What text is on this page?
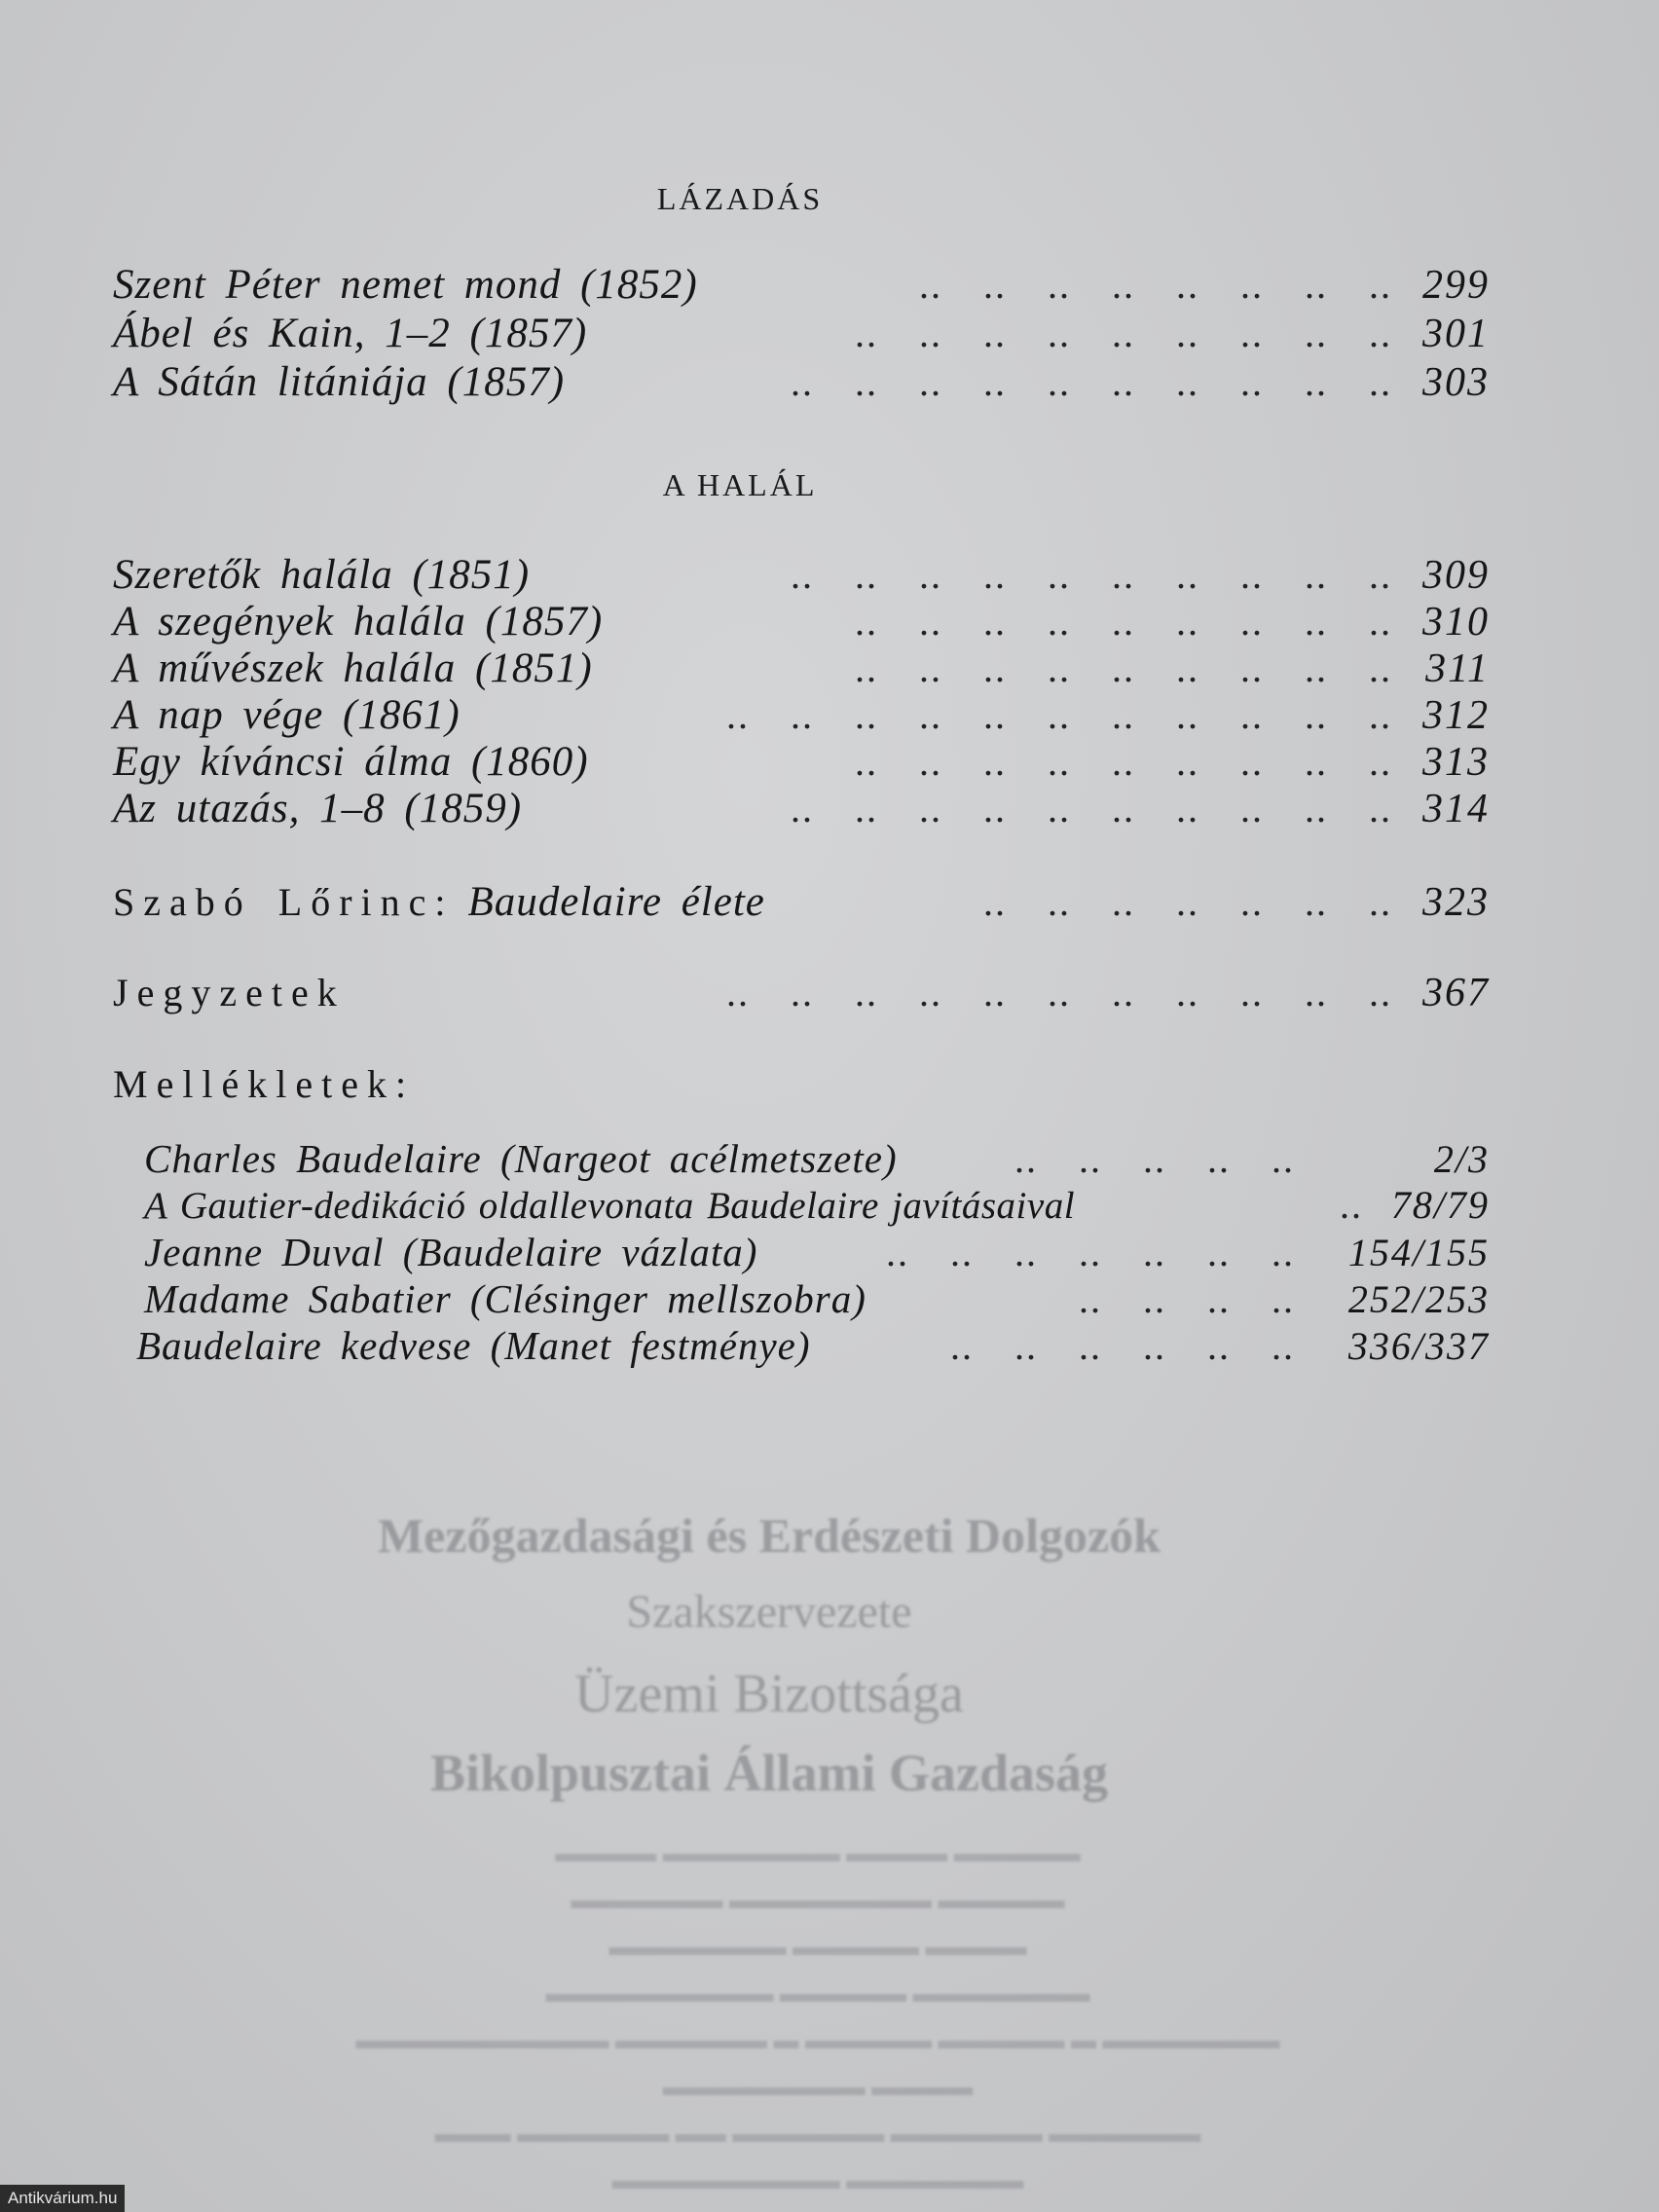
LÁZADÁS
Szent Péter nemet mond (1852)	.. .. .. .. .. .. .. .. 299
Ábel és Kain, 1–2 (1857)	.. .. .. .. .. .. .. .. .. 301
A Sátán litániája (1857)	.. .. .. .. .. .. .. .. .. .. 303
A HALÁL
Szeretők halála (1851)	.. .. .. .. .. .. .. .. .. .. 309
A szegények halála (1857)	.. .. .. .. .. .. .. .. .. 310
A művészek halála (1851)	.. .. .. .. .. .. .. .. .. 311
A nap vége (1861)	.. .. .. .. .. .. .. .. .. .. .. 312
Egy kíváncsi álma (1860)	.. .. .. .. .. .. .. .. .. 313
Az utazás, 1–8 (1859)	.. .. .. .. .. .. .. .. .. .. 314
Szabó Lőrinc: Baudelaire élete	.. .. .. .. .. .. .. 323
Jegyzetek	.. .. .. .. .. .. .. .. .. .. .. 367
Mellékletek:
Charles Baudelaire (Nargeot acélmetszete)	.. .. .. .. ..	2/3
A Gautier-dedikáció oldallevonata Baudelaire javításaival	.. 78/79
Jeanne Duval (Baudelaire vázlata)	.. .. .. .. .. .. ..	154/155
Madame Sabatier (Clésinger mellszobra)	.. .. .. ..	252/253
Baudelaire kedvese (Manet festménye)	.. .. .. .. .. ..	336/337
Mezőgazdasági és Erdészeti Dolgozók
Szakszervezete
Üzemi Bizottsága
Bikolpusztai Állami Gazdaság
▬▬▬▬ ▬▬▬▬▬▬▬ ▬▬▬▬ ▬▬▬▬▬
▬▬▬▬▬▬ ▬▬▬▬▬▬▬▬ ▬▬▬▬▬
▬▬▬▬▬▬▬ ▬▬▬▬▬ ▬▬▬▬
▬▬▬▬▬▬▬▬▬ ▬▬▬▬▬ ▬▬▬▬▬▬▬
▬▬▬▬▬▬▬▬▬▬ ▬▬▬▬▬▬ ▬ ▬▬▬▬▬ ▬▬▬▬▬ ▬ ▬▬▬▬▬▬▬
▬▬▬▬▬▬▬▬ ▬▬▬▬
▬▬▬ ▬▬▬▬▬▬ ▬▬ ▬▬▬▬▬▬ ▬▬▬▬▬▬ ▬▬▬▬▬▬
▬▬▬▬▬▬▬▬▬ ▬▬▬▬▬▬▬
Antikvárium.hu
